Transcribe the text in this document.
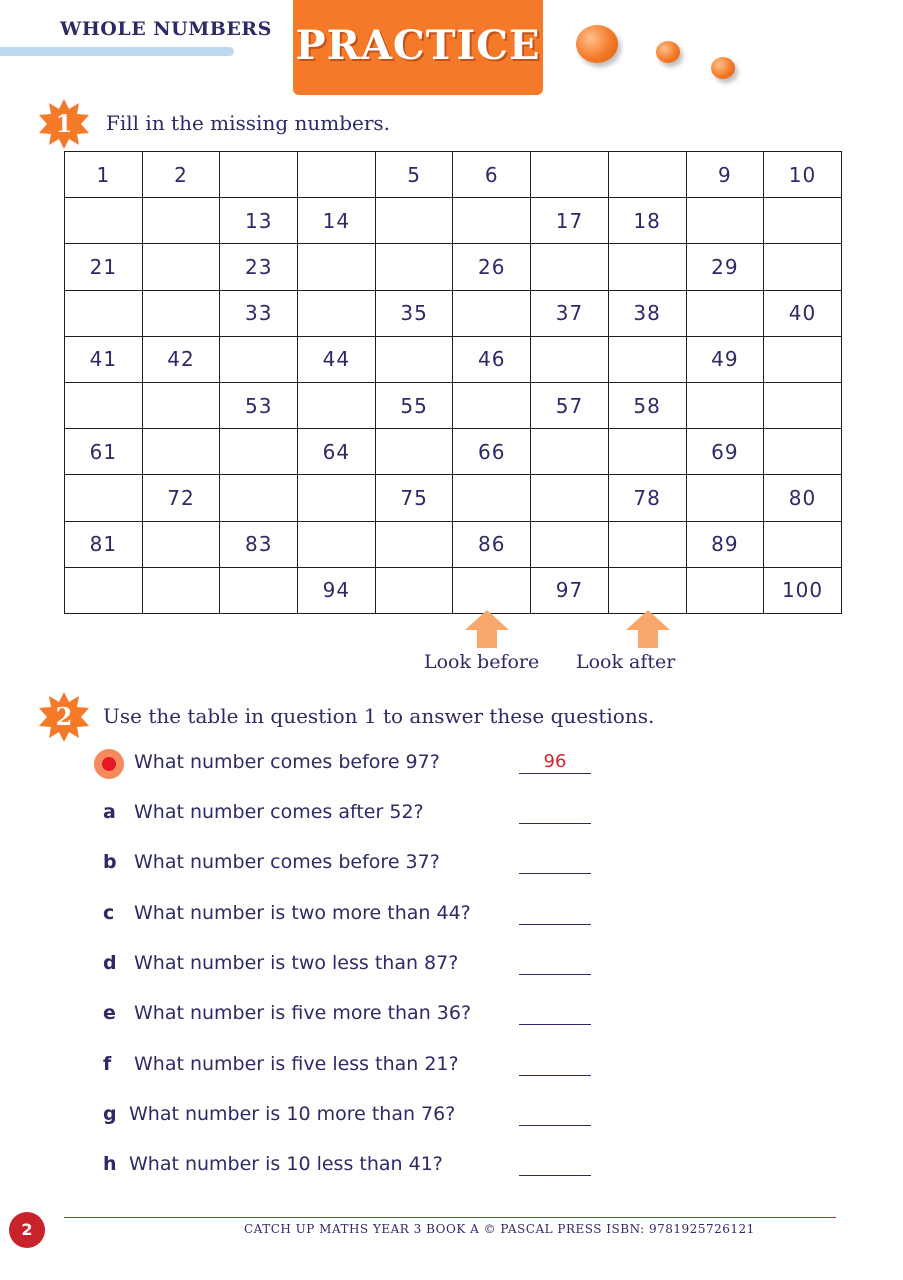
WHOLE NUMBERS PRACTICE
1	Fill in the missing numbers.
1	2			5	6			9	10
		13	14			17	18		
21		23			26			29	
		33		35		37	38		40
41	42		44		46			49	
		53		55		57	58		
61			64		66			69	
	72			75			78		80
81		83			86			89	
			94			97			100
Look before Look after
2	Use the table in question 1 to answer these questions.
What number comes before 97?	96
a What number comes after 52?
b What number comes before 37?
c What number is two more than 44?
d What number is two less than 87?
e What number is five more than 36?
f What number is five less than 21?
g What number is 10 more than 76?
h What number is 10 less than 41?
2	CATCH UP MATHS YEAR 3 BOOK A © PASCAL PRESS ISBN: 9781925726121
